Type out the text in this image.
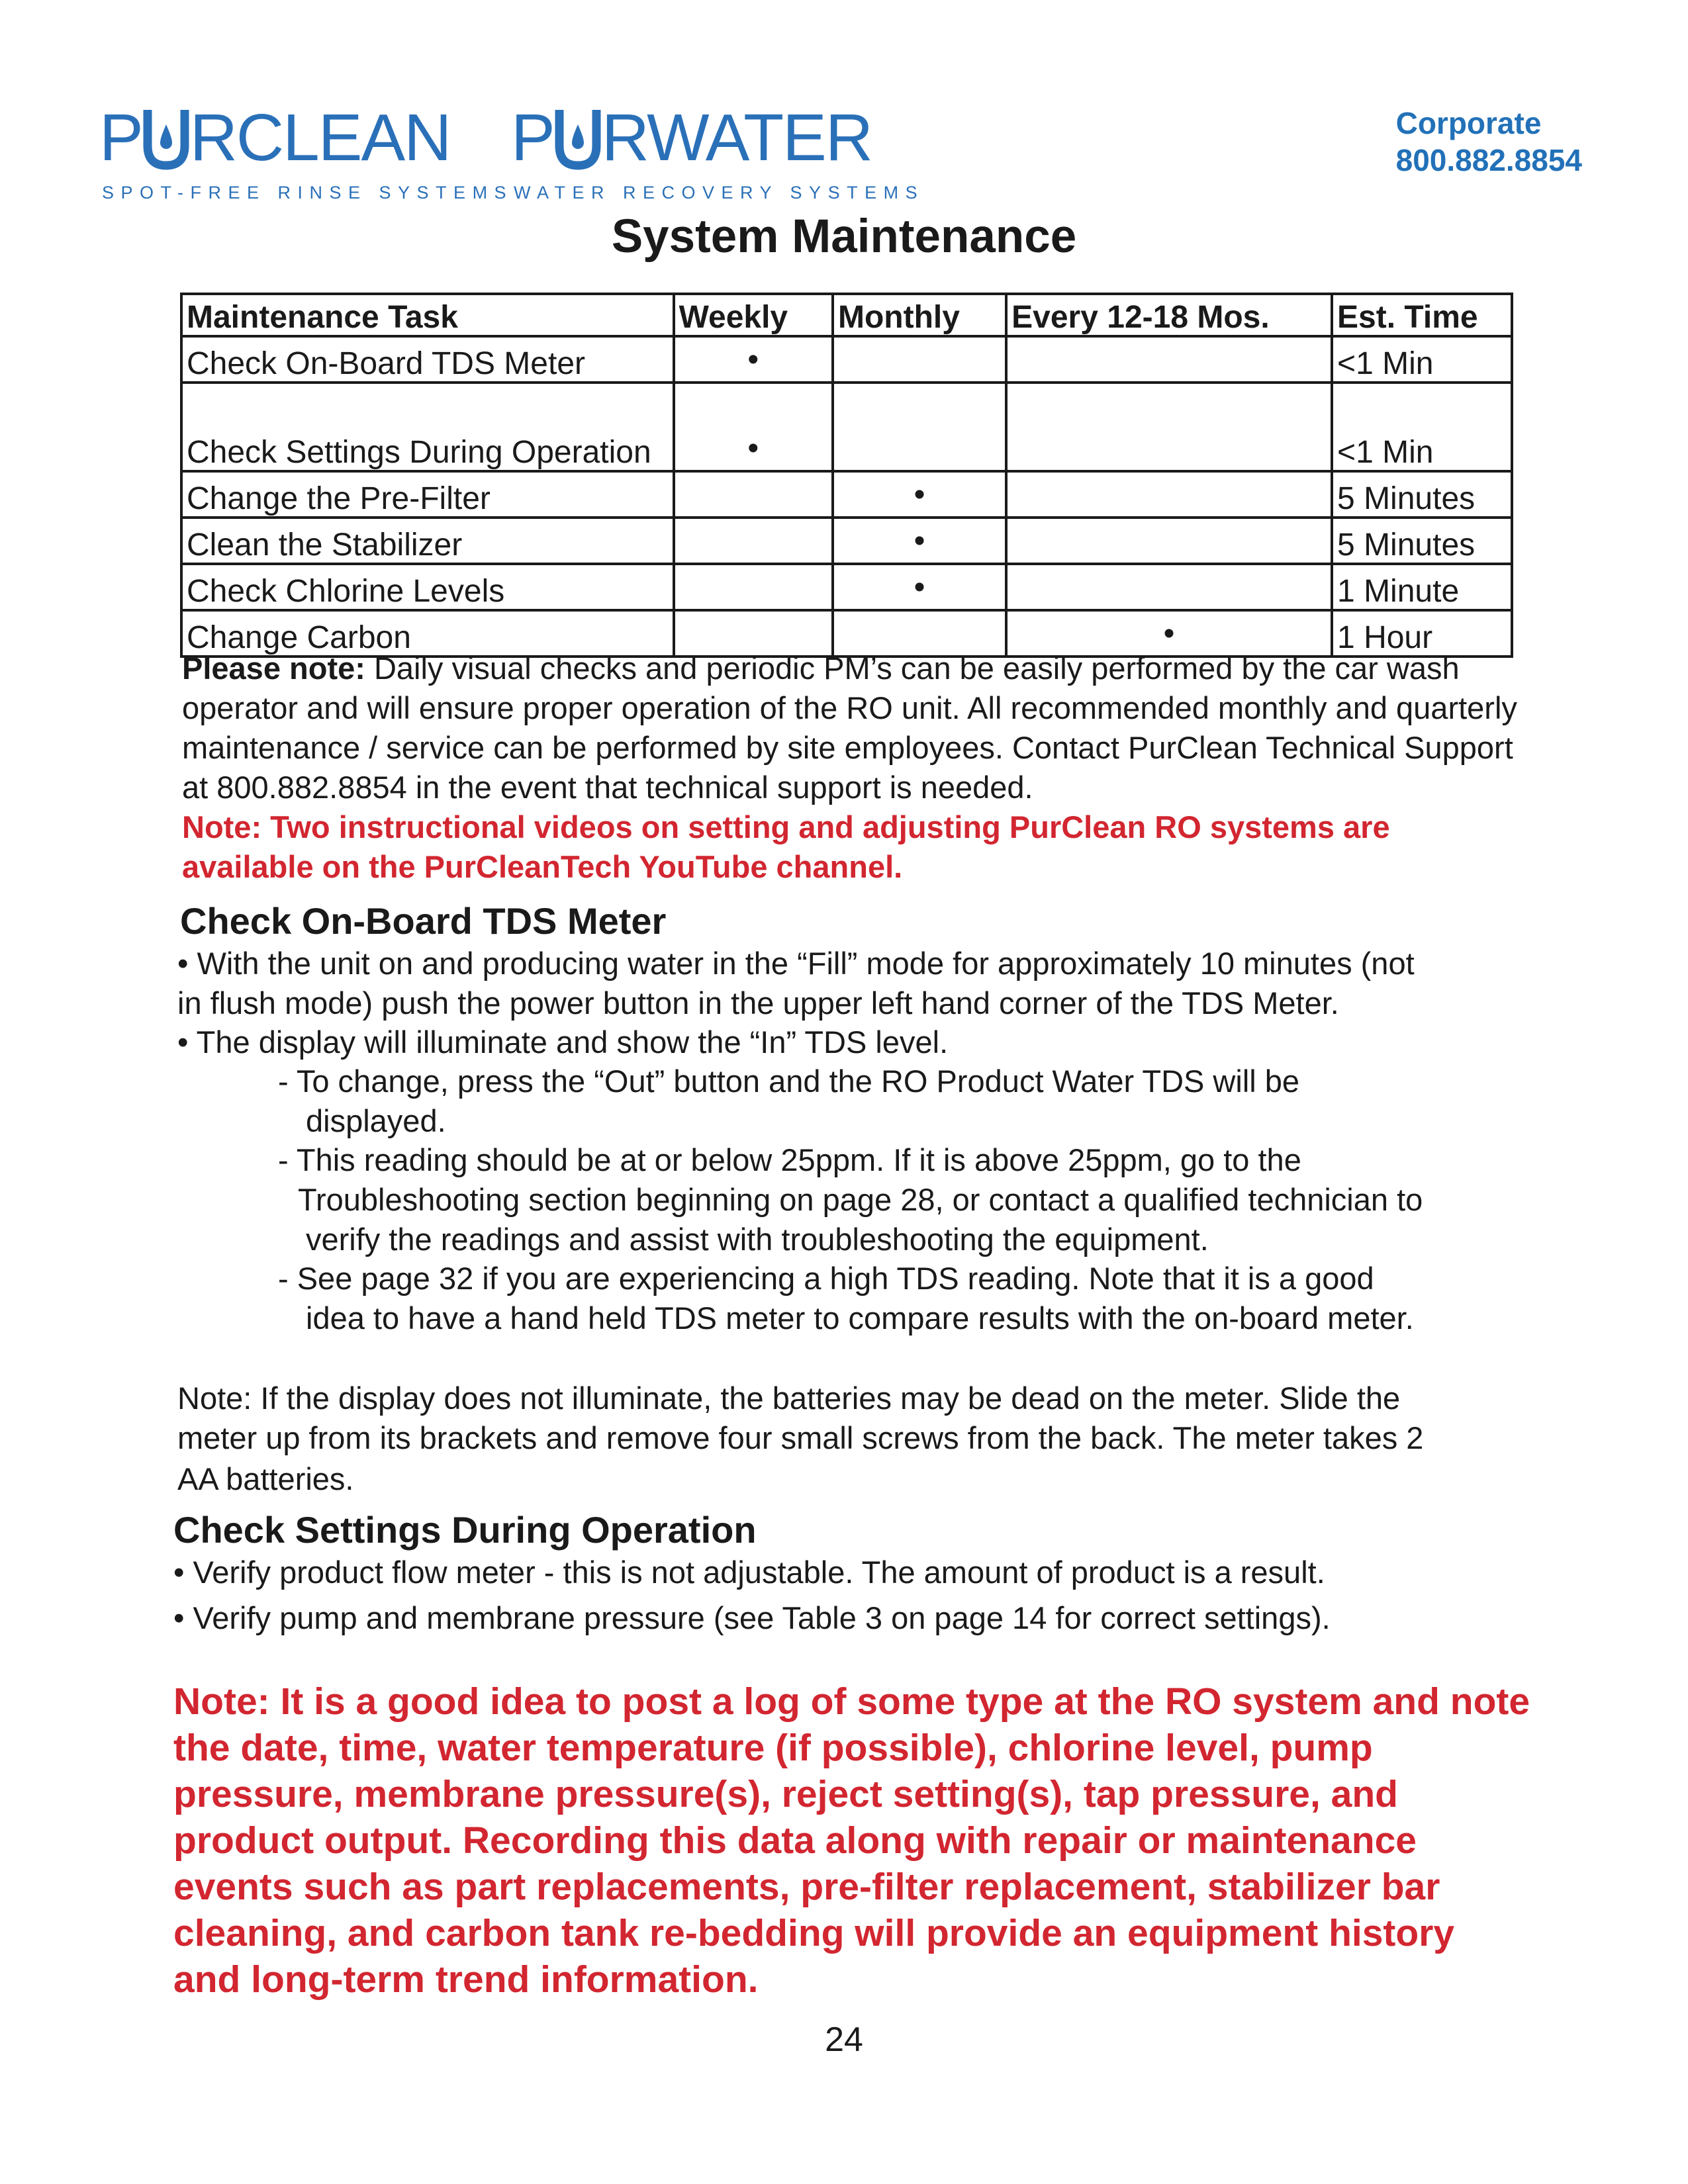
P RCLEAN
SPOT-FREE RINSE SYSTEMS
P RWATER
WATER RECOVERY SYSTEMS
Corporate
800.882.8854
System Maintenance
Maintenance Task	Weekly	Monthly	Every 12-18 Mos.	Est. Time
Check On-Board TDS Meter	•			<1 Min
Check Settings During Operation	•			<1 Min
Change the Pre-Filter		•		5 Minutes
Clean the Stabilizer		•		5 Minutes
Check Chlorine Levels		•		1 Minute
Change Carbon			•	1 Hour
Please note: Daily visual checks and periodic PM’s can be easily performed by the car wash operator and will ensure proper operation of the RO unit. All recommended monthly and quarterly maintenance / service can be performed by site employees. Contact PurClean Technical Support at 800.882.8854 in the event that technical support is needed.
Note: Two instructional videos on setting and adjusting PurClean RO systems are available on the PurCleanTech YouTube channel.
Check On-Board TDS Meter
• With the unit on and producing water in the “Fill” mode for approximately 10 minutes (not
in flush mode) push the power button in the upper left hand corner of the TDS Meter.
• The display will illuminate and show the “In” TDS level.
- To change, press the “Out” button and the RO Product Water TDS will be
displayed.
- This reading should be at or below 25ppm. If it is above 25ppm, go to the
Troubleshooting section beginning on page 28, or contact a qualified technician to
verify the readings and assist with troubleshooting the equipment.
- See page 32 if you are experiencing a high TDS reading. Note that it is a good
idea to have a hand held TDS meter to compare results with the on-board meter.
Note: If the display does not illuminate, the batteries may be dead on the meter. Slide the
meter up from its brackets and remove four small screws from the back. The meter takes 2
AA batteries.
Check Settings During Operation
• Verify product flow meter - this is not adjustable. The amount of product is a result.
• Verify pump and membrane pressure (see Table 3 on page 14 for correct settings).
Note: It is a good idea to post a log of some type at the RO system and note the date, time, water temperature (if possible), chlorine level, pump pressure, membrane pressure(s), reject setting(s), tap pressure, and product output. Recording this data along with repair or maintenance events such as part replacements, pre-filter replacement, stabilizer bar cleaning, and carbon tank re-bedding will provide an equipment history and long-term trend information.
24
